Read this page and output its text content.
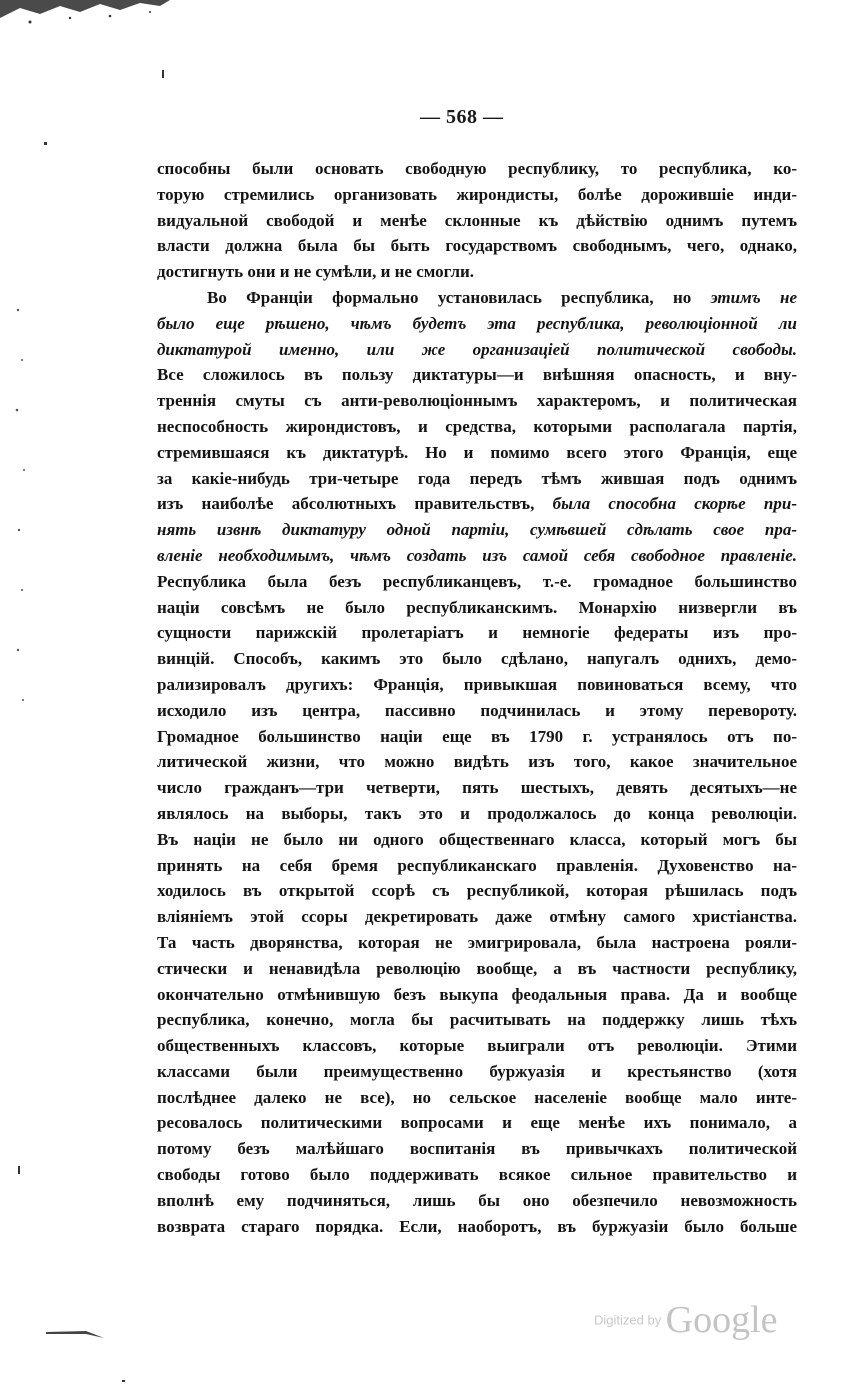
— 568 —
способны были основать свободную республику, то республика, ко-
торую стремились организовать жирондисты, болѣе дорожившіе инди-
видуальной свободой и менѣе склонные къ дѣйствію однимъ путемъ
власти должна была бы быть государствомъ свободнымъ, чего, однако,
достигнуть они и не сумѣли, и не смогли.
Во Франціи формально установилась республика, но этимъ не
было еще рѣшено, чѣмъ будетъ эта республика, революціонной ли
диктатурой именно, или же организаціей политической свободы.
Все сложилось въ пользу диктатуры—и внѣшняя опасность, и вну-
треннія смуты съ анти-революціоннымъ характеромъ, и политическая
неспособность жирондистовъ, и средства, которыми располагала партія,
стремившаяся къ диктатурѣ. Но и помимо всего этого Франція, еще
за какіе-нибудь три-четыре года передъ тѣмъ жившая подъ однимъ
изъ наиболѣе абсолютныхъ правительствъ, была способна скорѣе при-
нять извнѣ диктатуру одной партіи, сумѣвшей сдѣлать свое пра-
вленіе необходимымъ, чѣмъ создать изъ самой себя свободное правленіе.
Республика была безъ республиканцевъ, т.-е. громадное большинство
націи совсѣмъ не было республиканскимъ. Монархію низвергли въ
сущности парижскій пролетаріатъ и немногіе федераты изъ про-
винцій. Способъ, какимъ это было сдѣлано, напугалъ однихъ, демо-
рализировалъ другихъ: Франція, привыкшая повиноваться всему, что
исходило изъ центра, пассивно подчинилась и этому перевороту.
Громадное большинство націи еще въ 1790 г. устранялось отъ по-
литической жизни, что можно видѣть изъ того, какое значительное
число гражданъ—три четверти, пять шестыхъ, девять десятыхъ—не
являлось на выборы, такъ это и продолжалось до конца революціи.
Въ націи не было ни одного общественнаго класса, который могъ бы
принять на себя бремя республиканскаго правленія. Духовенство на-
ходилось въ открытой ссорѣ съ республикой, которая рѣшилась подъ
вліяніемъ этой ссоры декретировать даже отмѣну самого христіанства.
Та часть дворянства, которая не эмигрировала, была настроена рояли-
стически и ненавидѣла революцію вообще, а въ частности республику,
окончательно отмѣнившую безъ выкупа феодальныя права. Да и вообще
республика, конечно, могла бы расчитывать на поддержку лишь тѣхъ
общественныхъ классовъ, которые выиграли отъ революціи. Этими
классами были преимущественно буржуазія и крестьянство (хотя
послѣднее далеко не все), но сельское населеніе вообще мало инте-
ресовалось политическими вопросами и еще менѣе ихъ понимало, а
потому безъ малѣйшаго воспитанія въ привычкахъ политической
свободы готово было поддерживать всякое сильное правительство и
вполнѣ ему подчиняться, лишь бы оно обезпечило невозможность
возврата стараго порядка. Если, наоборотъ, въ буржуазіи было больше
Digitized by Google
